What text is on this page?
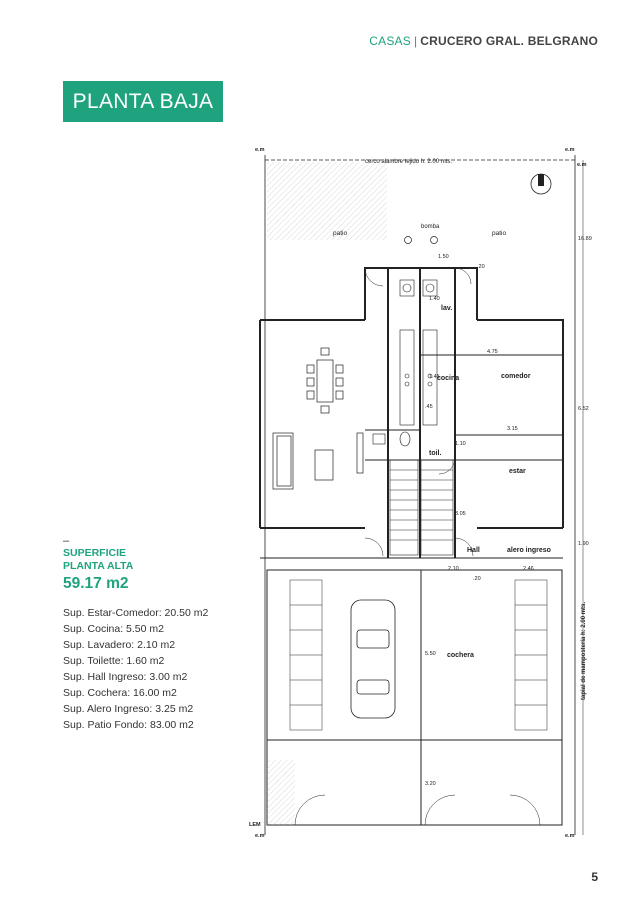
CASAS | CRUCERO GRAL. BELGRANO
PLANTA BAJA
–
SUPERFICIE
PLANTA ALTA
59.17 m2
Sup. Estar-Comedor: 20.50 m2
Sup. Cocina: 5.50 m2
Sup. Lavadero: 2.10 m2
Sup. Toilette: 1.60 m2
Sup. Hall Ingreso: 3.00 m2
Sup. Cochera: 16.00 m2
Sup. Alero Ingreso: 3.25 m2
Sup. Patio Fondo: 83.00 m2
cerco alambre tejido h: 2.00 mts.
e.m	e.m
e.m
patio
bomba
patio
lav.
cocina	comedor
toil.
estar
Hall	alero ingreso
cochera
1.50
.20
1.40
4.75
1.45
.45
1.10
3.15
3.05
2.10	2.46
.20
5.50
3.20
16.89
6.52
1.90
tapial de mampostería h: 2.00 mts.
LEM
e.m	e.m
5
